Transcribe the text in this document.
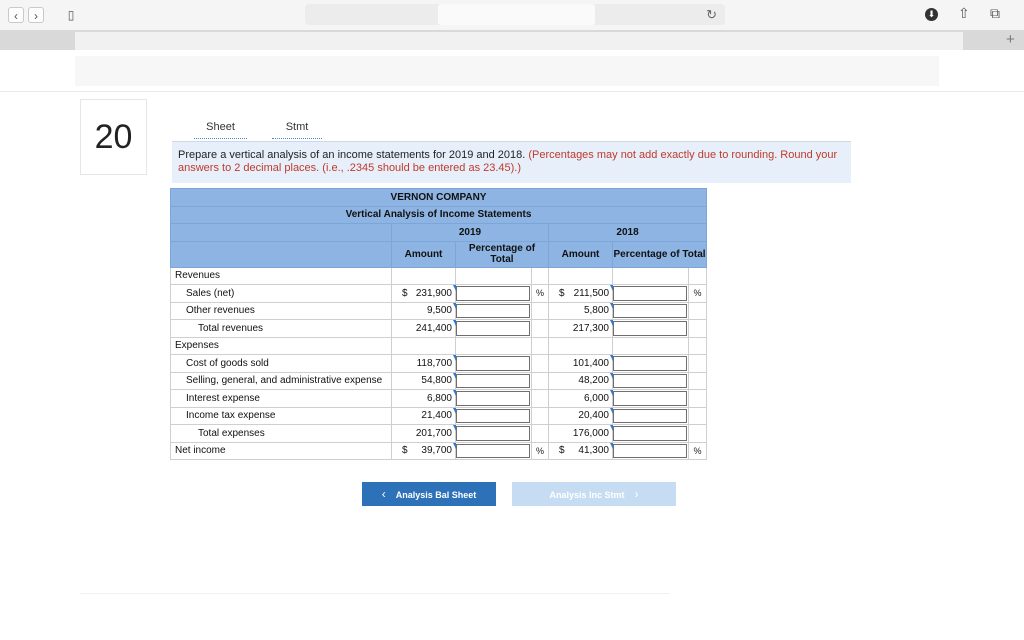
‹	›	▯	↻	⬇ ⇧ ⧉
+
20	Sheet	Stmt
Prepare a vertical analysis of an income statements for 2019 and 2018. (Percentages may not add exactly due to rounding. Round your answers to 2 decimal places. (i.e., .2345 should be entered as 23.45).)
VERNON COMPANY						
Vertical Analysis of Income Statements						
	2019			2018		
	Amount	Percentage of Total		Amount	Percentage of Total	
Revenues						
Sales (net)	$ 231,900		%	$ 211,500		%
Other revenues	9,500			5,800	

Total revenues	241,400			217,300	

Expenses						
Cost of goods sold	118,700			101,400	

Selling, general, and administrative expense	54,800			48,200	

Interest expense	6,800			6,000	

Income tax expense	21,400			20,400	

Total expenses	201,700			176,000	

Net income	$ 39,700		%	$ 41,300		%
‹ Analysis Bal Sheet	Analysis Inc Stmt ›
